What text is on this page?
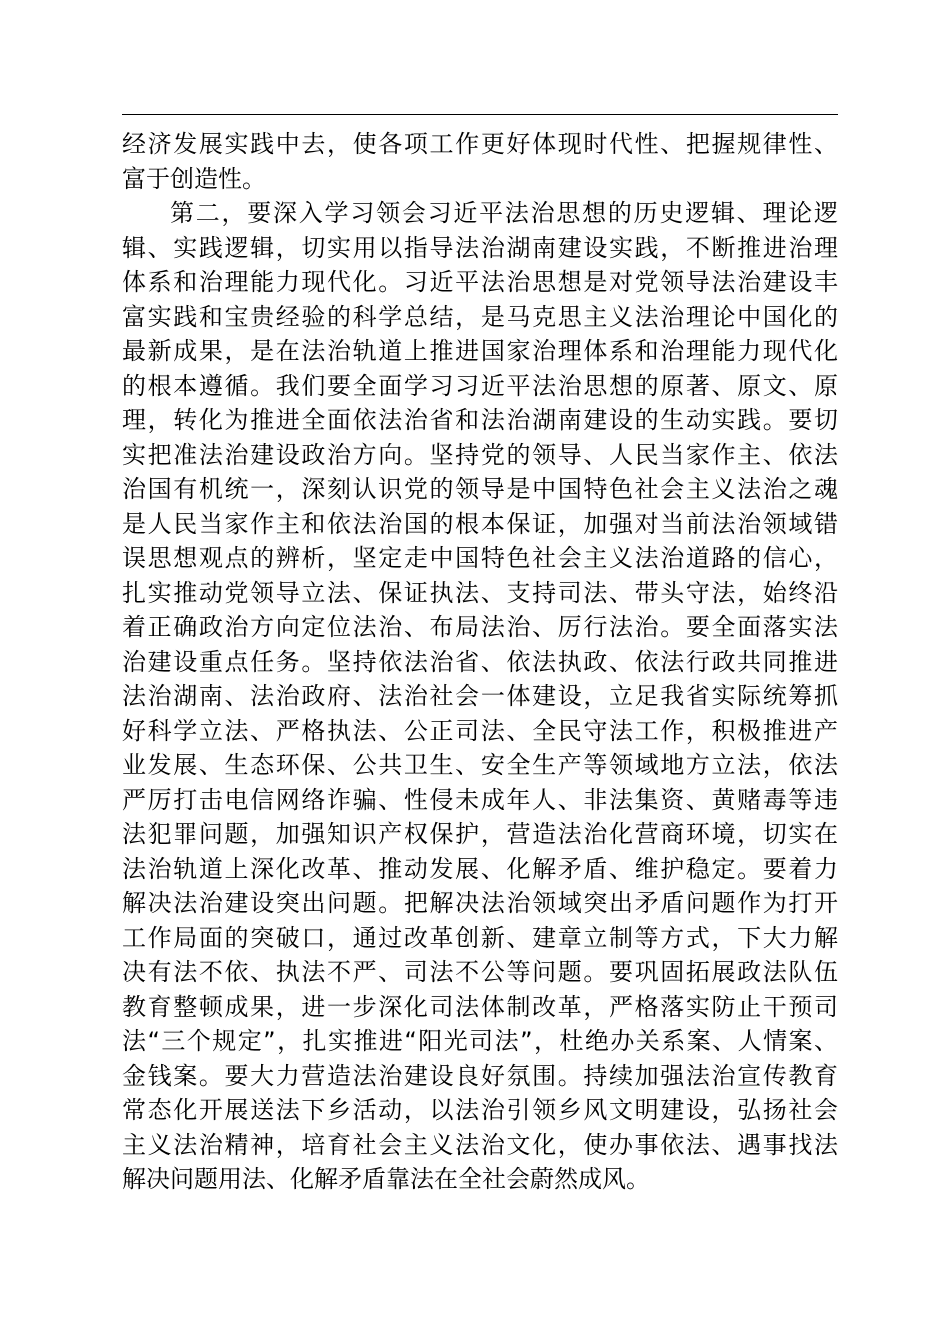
经济发展实践中去，使各项工作更好体现时代性、把握规律性、
富于创造性。
第二，要深入学习领会习近平法治思想的历史逻辑、理论逻
辑、实践逻辑，切实用以指导法治湖南建设实践，不断推进治理
体系和治理能力现代化。习近平法治思想是对党领导法治建设丰
富实践和宝贵经验的科学总结，是马克思主义法治理论中国化的
最新成果，是在法治轨道上推进国家治理体系和治理能力现代化
的根本遵循。我们要全面学习习近平法治思想的原著、原文、原
理，转化为推进全面依法治省和法治湖南建设的生动实践。要切
实把准法治建设政治方向。坚持党的领导、人民当家作主、依法
治国有机统一，深刻认识党的领导是中国特色社会主义法治之魂
是人民当家作主和依法治国的根本保证，加强对当前法治领域错
误思想观点的辨析，坚定走中国特色社会主义法治道路的信心，
扎实推动党领导立法、保证执法、支持司法、带头守法，始终沿
着正确政治方向定位法治、布局法治、厉行法治。要全面落实法
治建设重点任务。坚持依法治省、依法执政、依法行政共同推进
法治湖南、法治政府、法治社会一体建设，立足我省实际统筹抓
好科学立法、严格执法、公正司法、全民守法工作，积极推进产
业发展、生态环保、公共卫生、安全生产等领域地方立法，依法
严厉打击电信网络诈骗、性侵未成年人、非法集资、黄赌毒等违
法犯罪问题，加强知识产权保护，营造法治化营商环境，切实在
法治轨道上深化改革、推动发展、化解矛盾、维护稳定。要着力
解决法治建设突出问题。把解决法治领域突出矛盾问题作为打开
工作局面的突破口，通过改革创新、建章立制等方式，下大力解
决有法不依、执法不严、司法不公等问题。要巩固拓展政法队伍
教育整顿成果，进一步深化司法体制改革，严格落实防止干预司
法“三个规定”，扎实推进“阳光司法”，杜绝办关系案、人情案、
金钱案。要大力营造法治建设良好氛围。持续加强法治宣传教育
常态化开展送法下乡活动，以法治引领乡风文明建设，弘扬社会
主义法治精神，培育社会主义法治文化，使办事依法、遇事找法
解决问题用法、化解矛盾靠法在全社会蔚然成风。
